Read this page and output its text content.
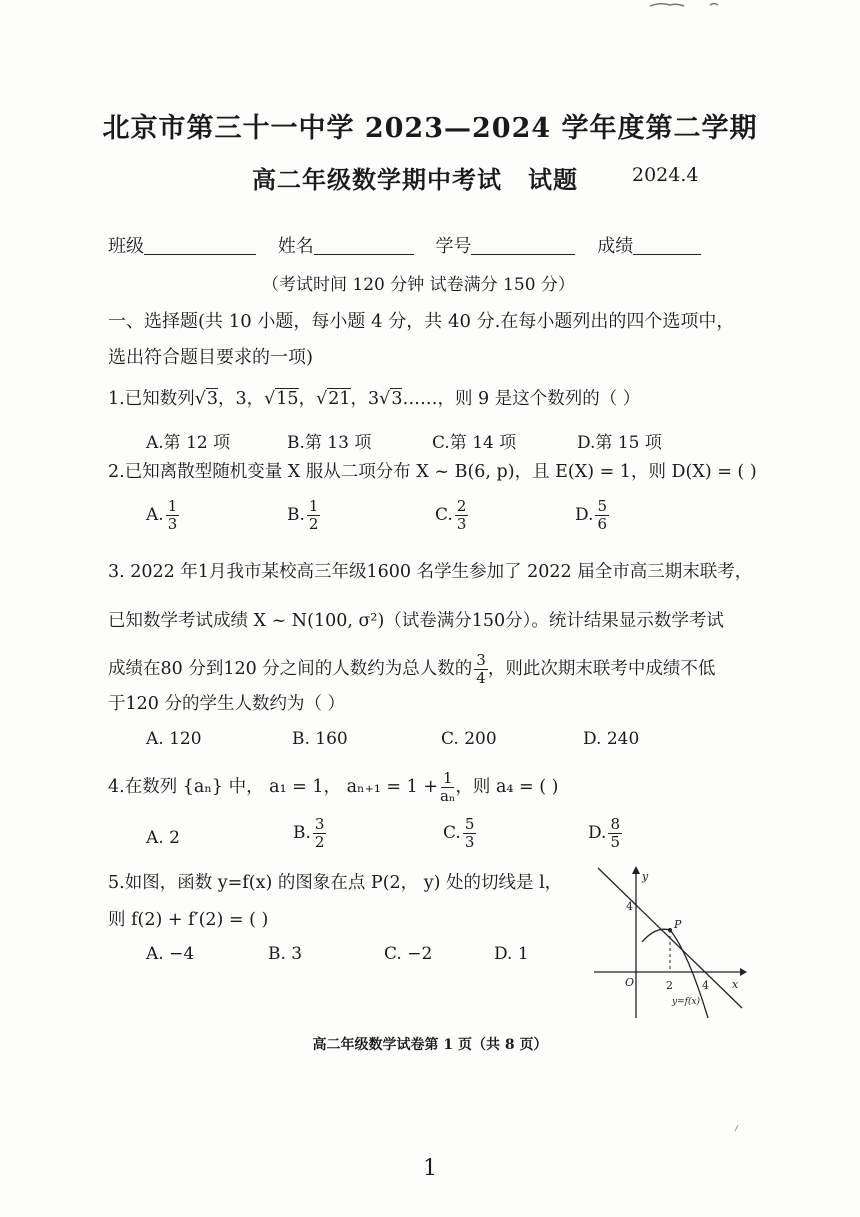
北京市第三十一中学 2023—2024 学年度第二学期
高二年级数学期中考试 试题	2024.4
班级	姓名	学号	成绩
（考试时间 120 分钟 试卷满分 150 分）
一、选择题(共 10 小题，每小题 4 分，共 40 分.在每小题列出的四个选项中，
选出符合题目要求的一项)
1.已知数列√3，3，√15，√21，3√3……，则 9 是这个数列的（ ）
A.第 12 项	B.第 13 项	C.第 14 项	D.第 15 项
2.已知离散型随机变量 X 服从二项分布 X ~ B(6, p)，且 E(X) = 1，则 D(X) = ( )
A. $\frac{1}{3}$	B. $\frac{1}{2}$	C. $\frac{2}{3}$	D. $\frac{5}{6}$
3. 2022 年1月我市某校高三年级1600 名学生参加了 2022 届全市高三期末联考，
已知数学考试成绩 X ~ N(100, σ²)（试卷满分150分）。统计结果显示数学考试
成绩在80 分到120 分之间的人数约为总人数的 $\frac{3}{4}$ ，则此次期末联考中成绩不低
于120 分的学生人数约为（ ）
A. 120	B. 160	C. 200	D. 240
4.在数列 {aₙ} 中， a₁ = 1， $a_{n+1} = 1 + \frac{1}{\text{aₙ}}$ ，则 a₄ = ( )
A. 2	B. $\frac{3}{2}$	C. $\frac{5}{3}$	D. $\frac{8}{5}$
5.如图，函数 y=f(x) 的图象在点 P(2， y) 处的切线是 l，
则 f(2) + f′(2) = ( )
A. −4	B. 3	C. −2	D. 1
y
x
O
4
2	4
P
y=f(x)
高二年级数学试卷第 1 页（共 8 页）
1
